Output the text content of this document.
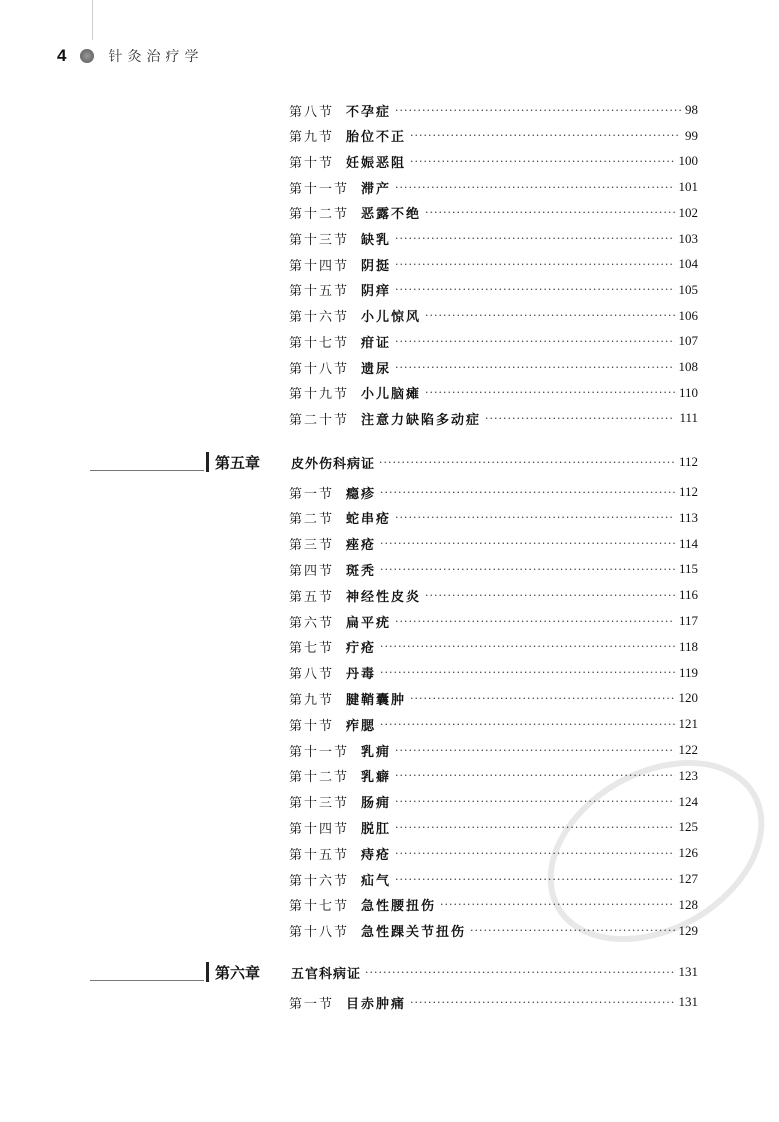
4	针灸治疗学
第八节 不孕症 ·····	98
第九节 胎位不正 ·····	99
第十节 妊娠恶阻 ·····	100
第十一节 滞产 ·····	101
第十二节 恶露不绝 ·····	102
第十三节 缺乳 ·····	103
第十四节 阴挺 ·····	104
第十五节 阴痒 ·····	105
第十六节 小儿惊风 ·····	106
第十七节 疳证 ·····	107
第十八节 遗尿 ·····	108
第十九节 小儿脑瘫 ·····	110
第二十节 注意力缺陷多动症 ·····	111
第五章	皮外伤科病证 ·····	112
第一节 瘾疹 ·····	112
第二节 蛇串疮 ·····	113
第三节 痤疮 ·····	114
第四节 斑秃 ·····	115
第五节 神经性皮炎 ·····	116
第六节 扁平疣 ·····	117
第七节 疔疮 ·····	118
第八节 丹毒 ·····	119
第九节 腱鞘囊肿 ·····	120
第十节 痄腮 ·····	121
第十一节 乳痈 ·····	122
第十二节 乳癖 ·····	123
第十三节 肠痈 ·····	124
第十四节 脱肛 ·····	125
第十五节 痔疮 ·····	126
第十六节 疝气 ·····	127
第十七节 急性腰扭伤 ·····	128
第十八节 急性踝关节扭伤 ·····	129
第六章	五官科病证 ·····	131
第一节 目赤肿痛 ·····	131
